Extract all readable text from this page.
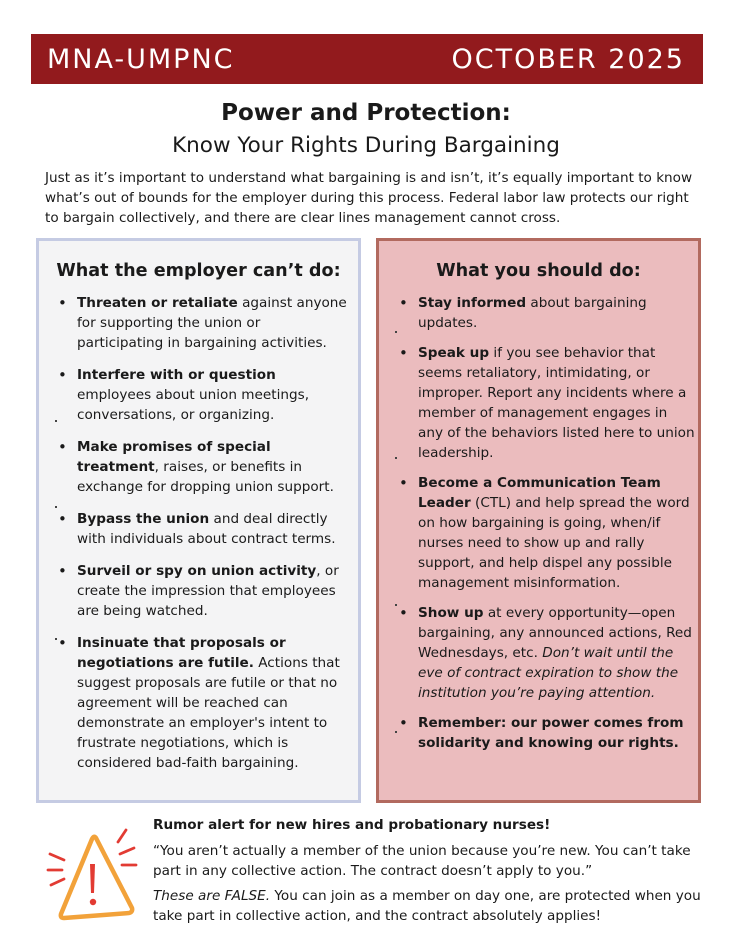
MNA-UMPNC	OCTOBER 2025
Power and Protection:
Know Your Rights During Bargaining
Just as it’s important to understand what bargaining is and isn’t, it’s equally important to know what’s out of bounds for the employer during this process. Federal labor law protects our right to bargain collectively, and there are clear lines management cannot cross.
What the employer can’t do:
• Threaten or retaliate against anyone for supporting the union or participating in bargaining activities.
• Interfere with or question employees about union meetings, conversations, or organizing.
• Make promises of special treatment, raises, or benefits in exchange for dropping union support.
• Bypass the union and deal directly with individuals about contract terms.
• Surveil or spy on union activity, or create the impression that employees are being watched.
• Insinuate that proposals or negotiations are futile. Actions that suggest proposals are futile or that no agreement will be reached can demonstrate an employer's intent to frustrate negotiations, which is considered bad-faith bargaining.
What you should do:
• Stay informed about bargaining updates.
• Speak up if you see behavior that seems retaliatory, intimidating, or improper. Report any incidents where a member of management engages in any of the behaviors listed here to union leadership.
• Become a Communication Team Leader (CTL) and help spread the word on how bargaining is going, when/if nurses need to show up and rally support, and help dispel any possible management misinformation.
• Show up at every opportunity—open bargaining, any announced actions, Red Wednesdays, etc. Don’t wait until the eve of contract expiration to show the institution you’re paying attention.
• Remember: our power comes from solidarity and knowing our rights.

Rumor alert for new hires and probationary nurses!

“You aren’t actually a member of the union because you’re new. You can’t take part in any collective action. The contract doesn’t apply to you.”

These are FALSE. You can join as a member on day one, are protected when you take part in collective action, and the contract absolutely applies!
